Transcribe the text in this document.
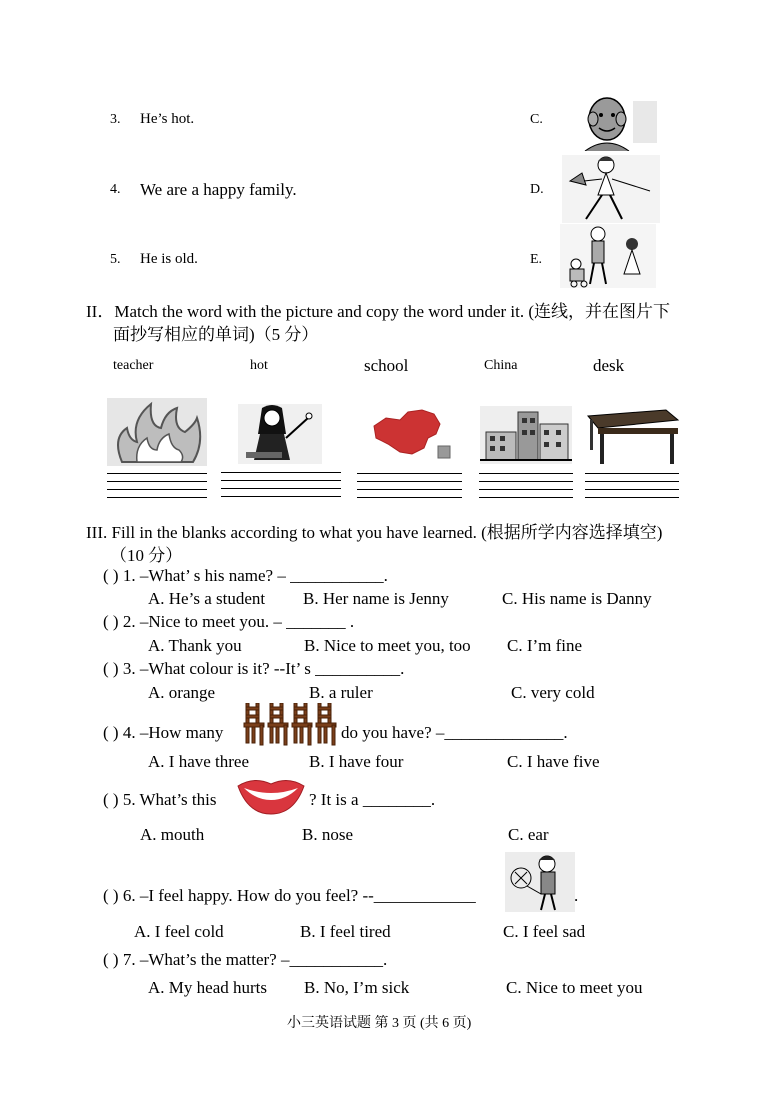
3. He’s hot.	C.
4. We are a happy family.	D.
5. He is old.	E.
II．Match the word with the picture and copy the word under it. (连线，并在图片下
面抄写相应的单词)（5 分）
teacher	hot	school	China	desk
III. Fill in the blanks according to what you have learned. (根据所学内容选择填空)
（10 分）
( ) 1. –What’ s his name? – ___________.
A. He’s a student B. Her name is Jenny	C. His name is Danny
( ) 2. –Nice to meet you. – _______ .
A. Thank you	B. Nice to meet you, too C. I’m fine
( ) 3. –What colour is it? --It’ s __________.
A. orange	B. a ruler	C. very cold
( ) 4. –How many	do you have? –______________.
A. I have three	B. I have four	C. I have five
( ) 5. What’s this	? It is a ________.
A. mouth	B. nose	C. ear
( ) 6. –I feel happy. How do you feel? --____________	.
A. I feel cold	B. I feel tired	C. I feel sad
( ) 7. –What’s the matter? –___________.
A. My head hurts B. No, I’m sick	C. Nice to meet you
小三英语试题 第 3 页 (共 6 页)
